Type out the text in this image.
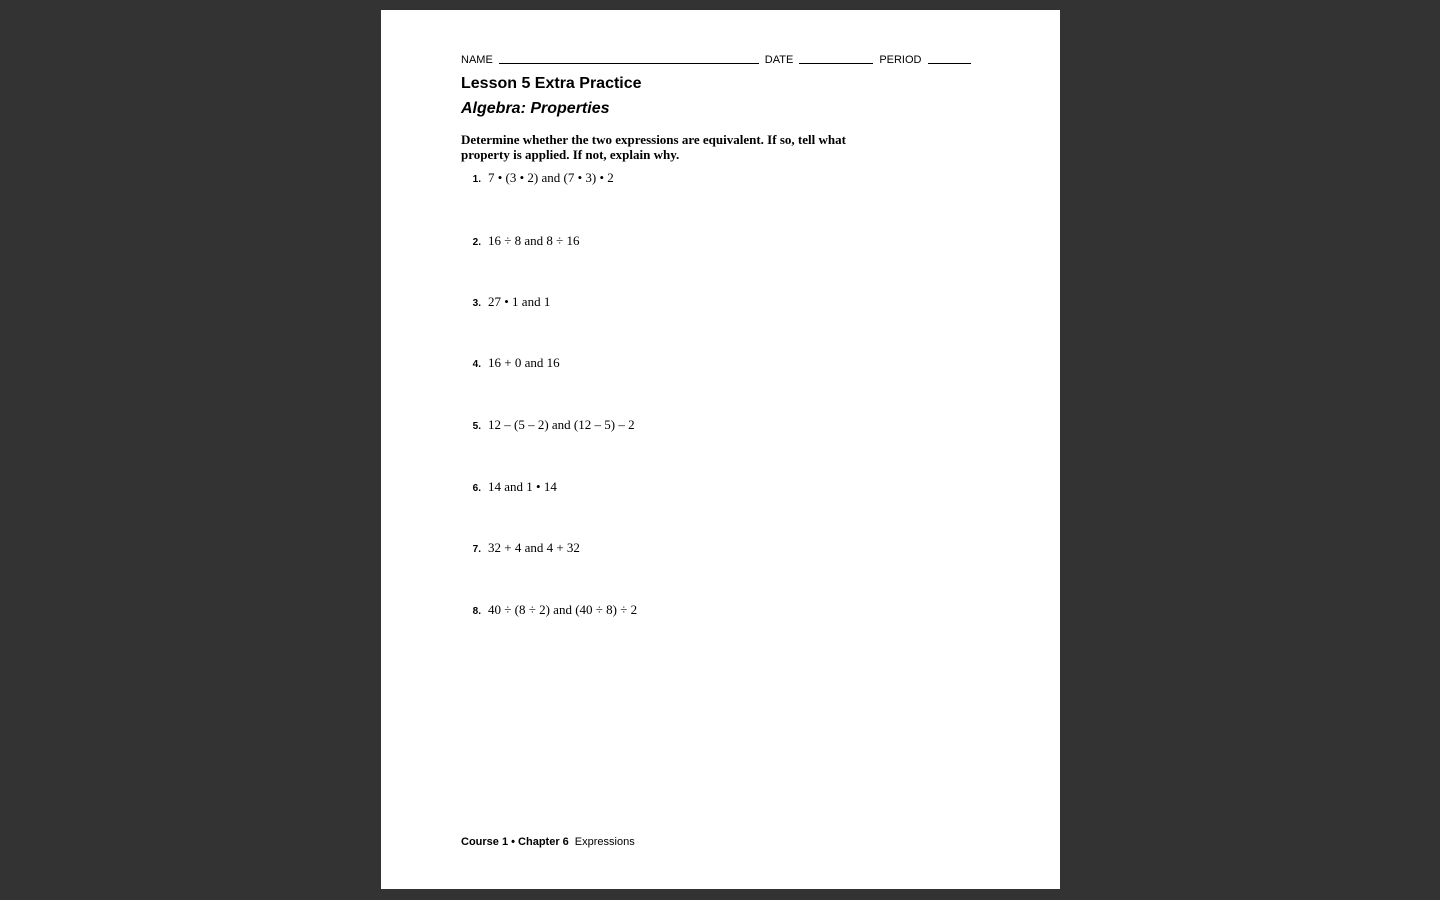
NAME	DATE	PERIOD
Lesson 5 Extra Practice
Algebra: Properties
Determine whether the two expressions are equivalent. If so, tell what property is applied. If not, explain why.
1. 7 • (3 • 2) and (7 • 3) • 2
2. 16 ÷ 8 and 8 ÷ 16
3. 27 • 1 and 1
4. 16 + 0 and 16
5. 12 – (5 – 2) and (12 – 5) – 2
6. 14 and 1 • 14
7. 32 + 4 and 4 + 32
8. 40 ÷ (8 ÷ 2) and (40 ÷ 8) ÷ 2
Course 1 • Chapter 6 Expressions
